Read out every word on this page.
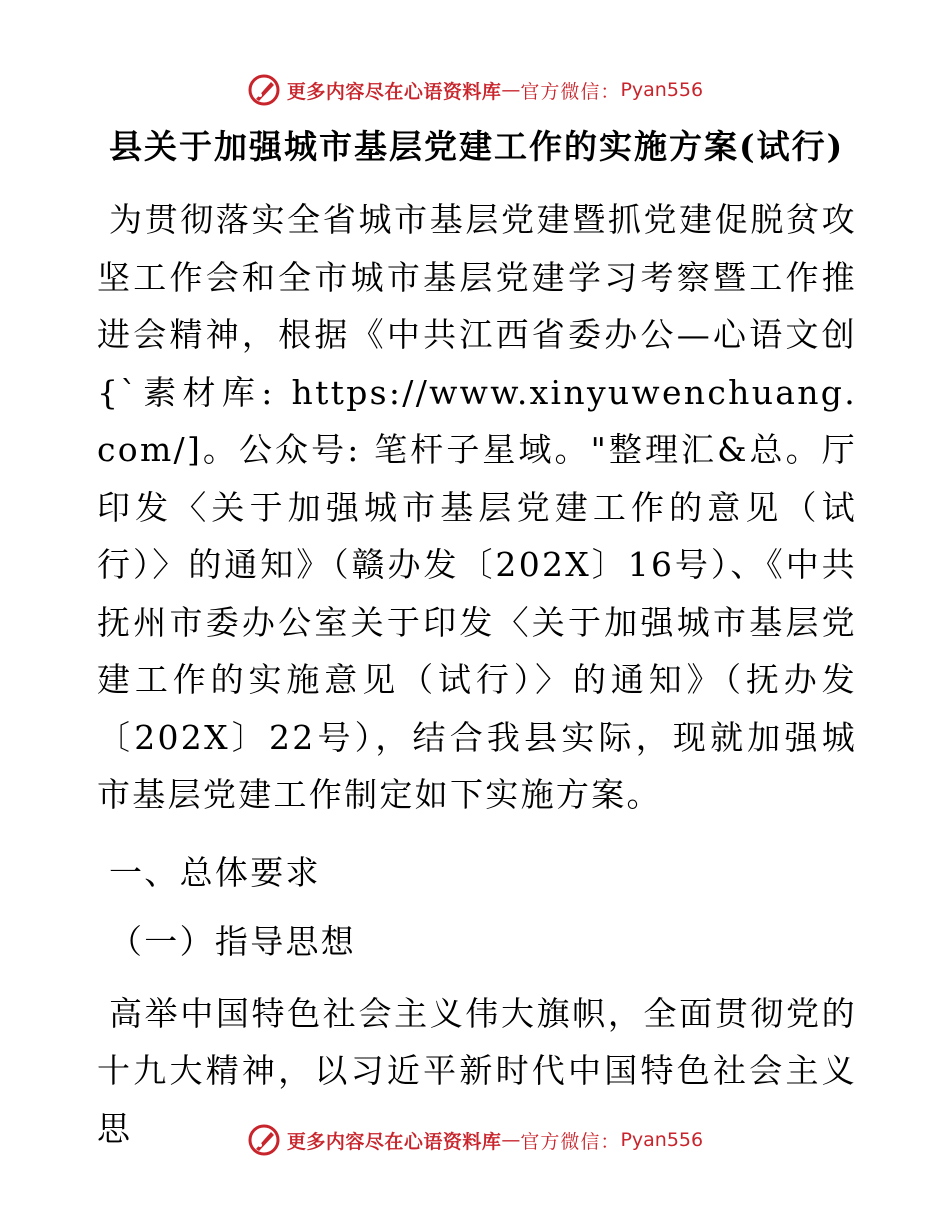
更多内容尽在心语资料库 — 官方微信： Pyan556
县关于加强城市基层党建工作的实施方案(试行)

为贯彻落实全省城市基层党建暨抓党建促脱贫攻坚工作会和全市城市基层党建学习考察暨工作推进会精神，根据《中共江西省委办公—心语文创{`素材库: https://www.xinyuwenchuang.com/]。公众号: 笔杆子星域。"整理汇&总。厅印发〈关于加强城市基层党建工作的意见（试行）〉的通知》（赣办发〔202X〕16号）、《中共抚州市委办公室关于印发〈关于加强城市基层党建工作的实施意见（试行）〉的通知》（抚办发〔202X〕22号），结合我县实际，现就加强城市基层党建工作制定如下实施方案。

一、总体要求

（一）指导思想

高举中国特色社会主义伟大旗帜，全面贯彻党的十九大精神，以习近平新时代中国特色社会主义思	更多内容尽在心语资料库 — 官方微信： Pyan556
